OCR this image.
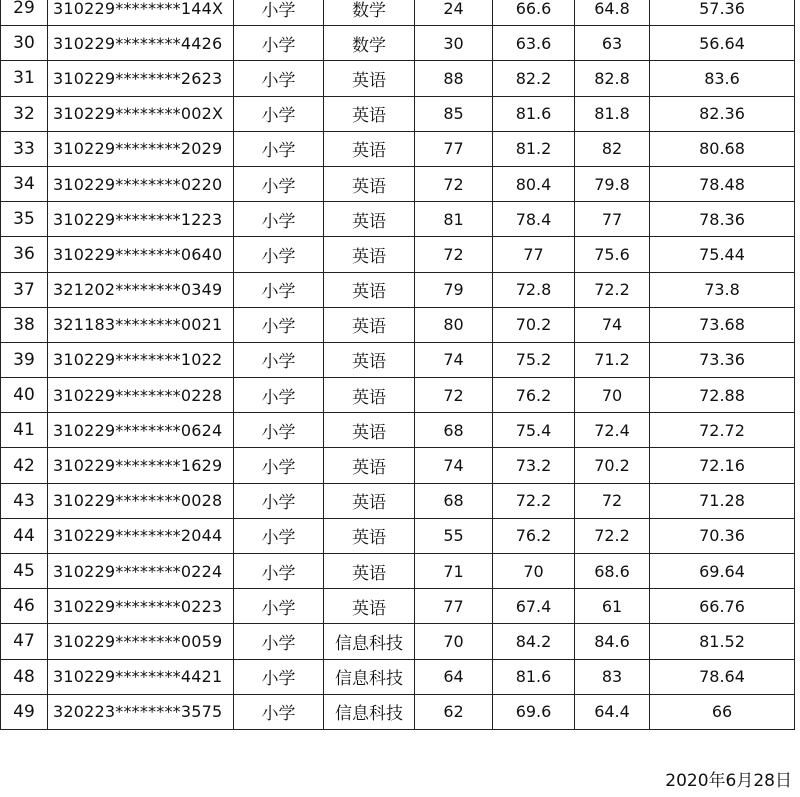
29	310229********144X	小学	数学	24	66.6	64.8	57.36
30	310229********4426	小学	数学	30	63.6	63	56.64
31	310229********2623	小学	英语	88	82.2	82.8	83.6
32	310229********002X	小学	英语	85	81.6	81.8	82.36
33	310229********2029	小学	英语	77	81.2	82	80.68
34	310229********0220	小学	英语	72	80.4	79.8	78.48
35	310229********1223	小学	英语	81	78.4	77	78.36
36	310229********0640	小学	英语	72	77	75.6	75.44
37	321202********0349	小学	英语	79	72.8	72.2	73.8
38	321183********0021	小学	英语	80	70.2	74	73.68
39	310229********1022	小学	英语	74	75.2	71.2	73.36
40	310229********0228	小学	英语	72	76.2	70	72.88
41	310229********0624	小学	英语	68	75.4	72.4	72.72
42	310229********1629	小学	英语	74	73.2	70.2	72.16
43	310229********0028	小学	英语	68	72.2	72	71.28
44	310229********2044	小学	英语	55	76.2	72.2	70.36
45	310229********0224	小学	英语	71	70	68.6	69.64
46	310229********0223	小学	英语	77	67.4	61	66.76
47	310229********0059	小学	信息科技	70	84.2	84.6	81.52
48	310229********4421	小学	信息科技	64	81.6	83	78.64
49	320223********3575	小学	信息科技	62	69.6	64.4	66
2020年6月28日
